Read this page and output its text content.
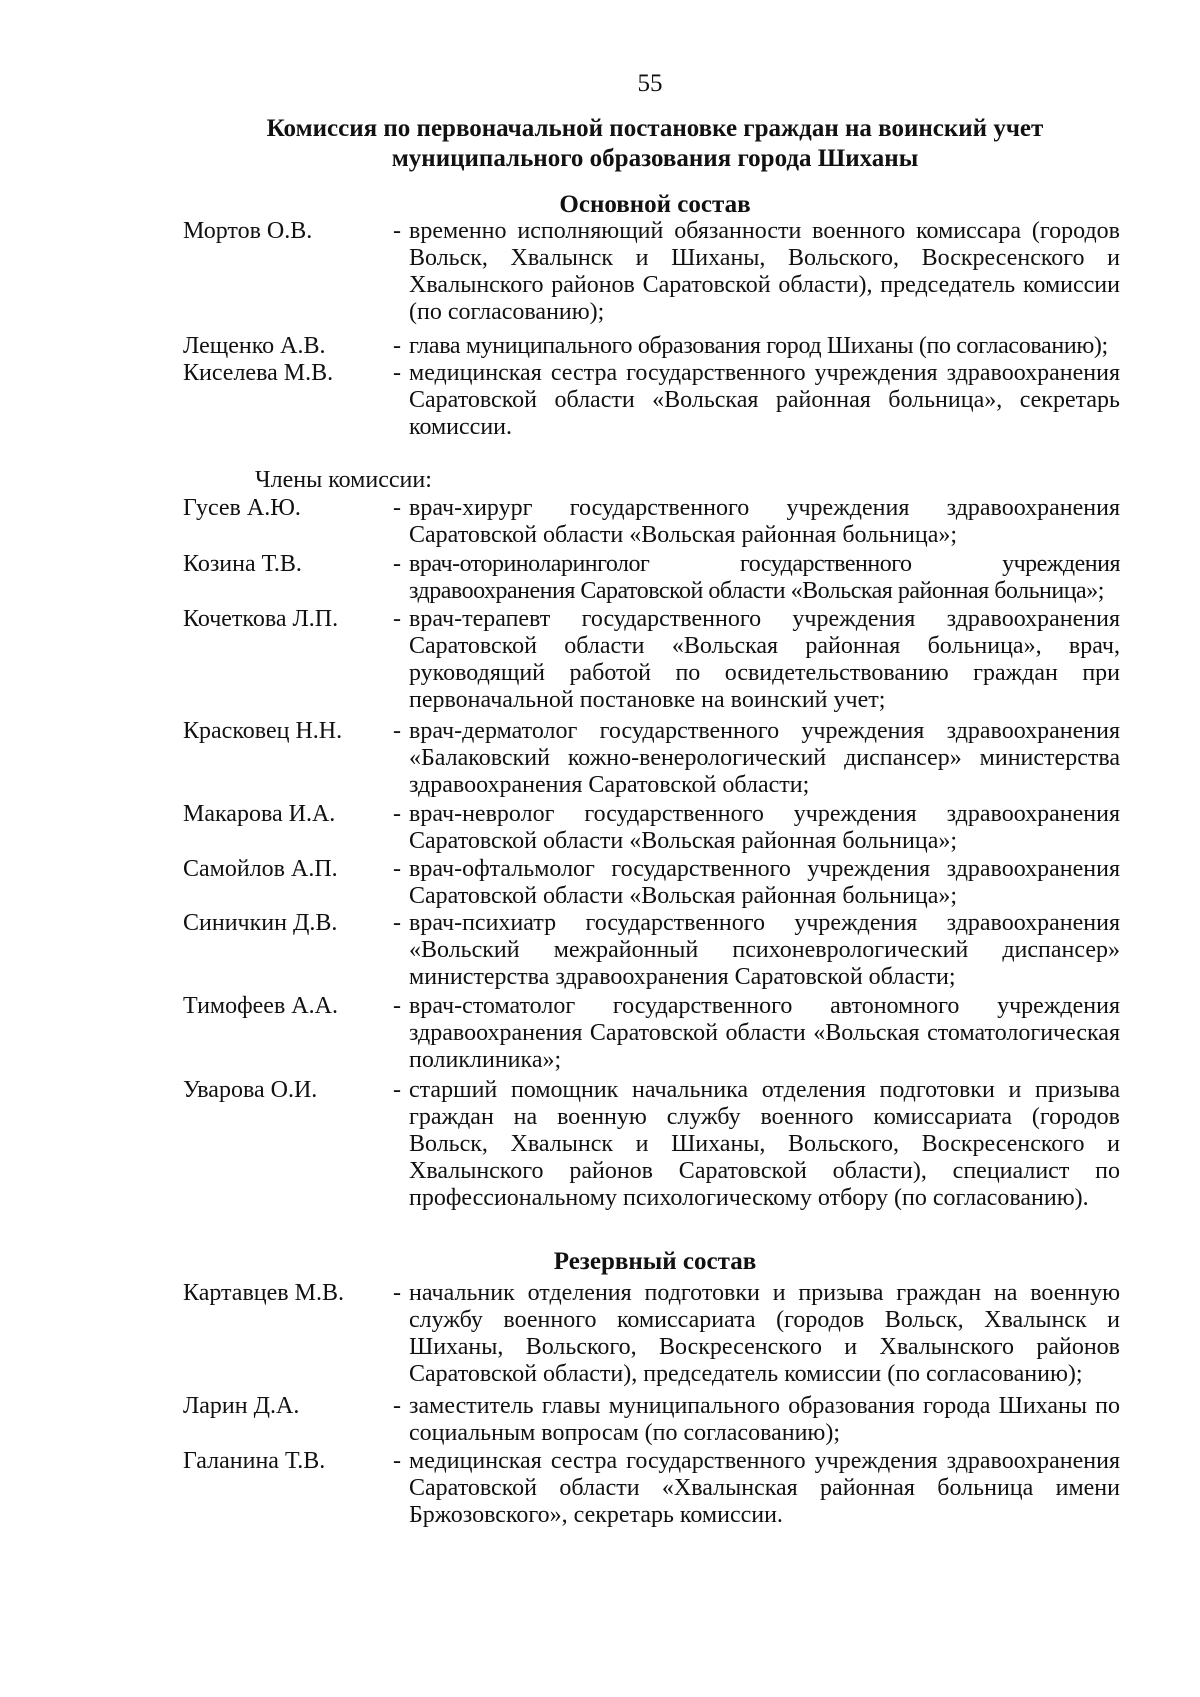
55
Комиссия по первоначальной постановке граждан на воинский учет
муниципального образования города Шиханы
Основной состав
Мортов О.В.	- временно исполняющий обязанности военного комиссара (городов Вольск, Хвалынск и Шиханы, Вольского, Воскресенского и Хвалынского районов Саратовской области), председатель комиссии (по согласованию);
Лещенко А.В.	- глава муниципального образования город Шиханы (по согласованию);
Киселева М.В.	- медицинская сестра государственного учреждения здравоохранения Саратовской области «Вольская районная больница», секретарь комиссии.
Члены комиссии:
Гусев А.Ю.	- врач-хирург государственного учреждения здравоохранения Саратовской области «Вольская районная больница»;
Козина Т.В.	- врач-оториноларинголог государственного учреждения здравоохранения Саратовской области «Вольская районная больница»;
Кочеткова Л.П.	- врач-терапевт государственного учреждения здравоохранения Саратовской области «Вольская районная больница», врач, руководящий работой по освидетельствованию граждан при первоначальной постановке на воинский учет;
Красковец Н.Н.	- врач-дерматолог государственного учреждения здравоохранения «Балаковский кожно-венерологический диспансер» министерства здравоохранения Саратовской области;
Макарова И.А.	- врач-невролог государственного учреждения здравоохранения Саратовской области «Вольская районная больница»;
Самойлов А.П.	- врач-офтальмолог государственного учреждения здравоохранения Саратовской области «Вольская районная больница»;
Синичкин Д.В.	- врач-психиатр государственного учреждения здравоохранения «Вольский межрайонный психоневрологический диспансер» министерства здравоохранения Саратовской области;
Тимофеев А.А.	- врач-стоматолог государственного автономного учреждения здравоохранения Саратовской области «Вольская стоматологическая поликлиника»;
Уварова О.И.	- старший помощник начальника отделения подготовки и призыва граждан на военную службу военного комиссариата (городов Вольск, Хвалынск и Шиханы, Вольского, Воскресенского и Хвалынского районов Саратовской области), специалист по профессиональному психологическому отбору (по согласованию).
Резервный состав
Картавцев М.В.	- начальник отделения подготовки и призыва граждан на военную службу военного комиссариата (городов Вольск, Хвалынск и Шиханы, Вольского, Воскресенского и Хвалынского районов Саратовской области), председатель комиссии (по согласованию);
Ларин Д.А.	- заместитель главы муниципального образования города Шиханы по социальным вопросам (по согласованию);
Галанина Т.В.	- медицинская сестра государственного учреждения здравоохранения Саратовской области «Хвалынская районная больница имени Бржозовского», секретарь комиссии.
